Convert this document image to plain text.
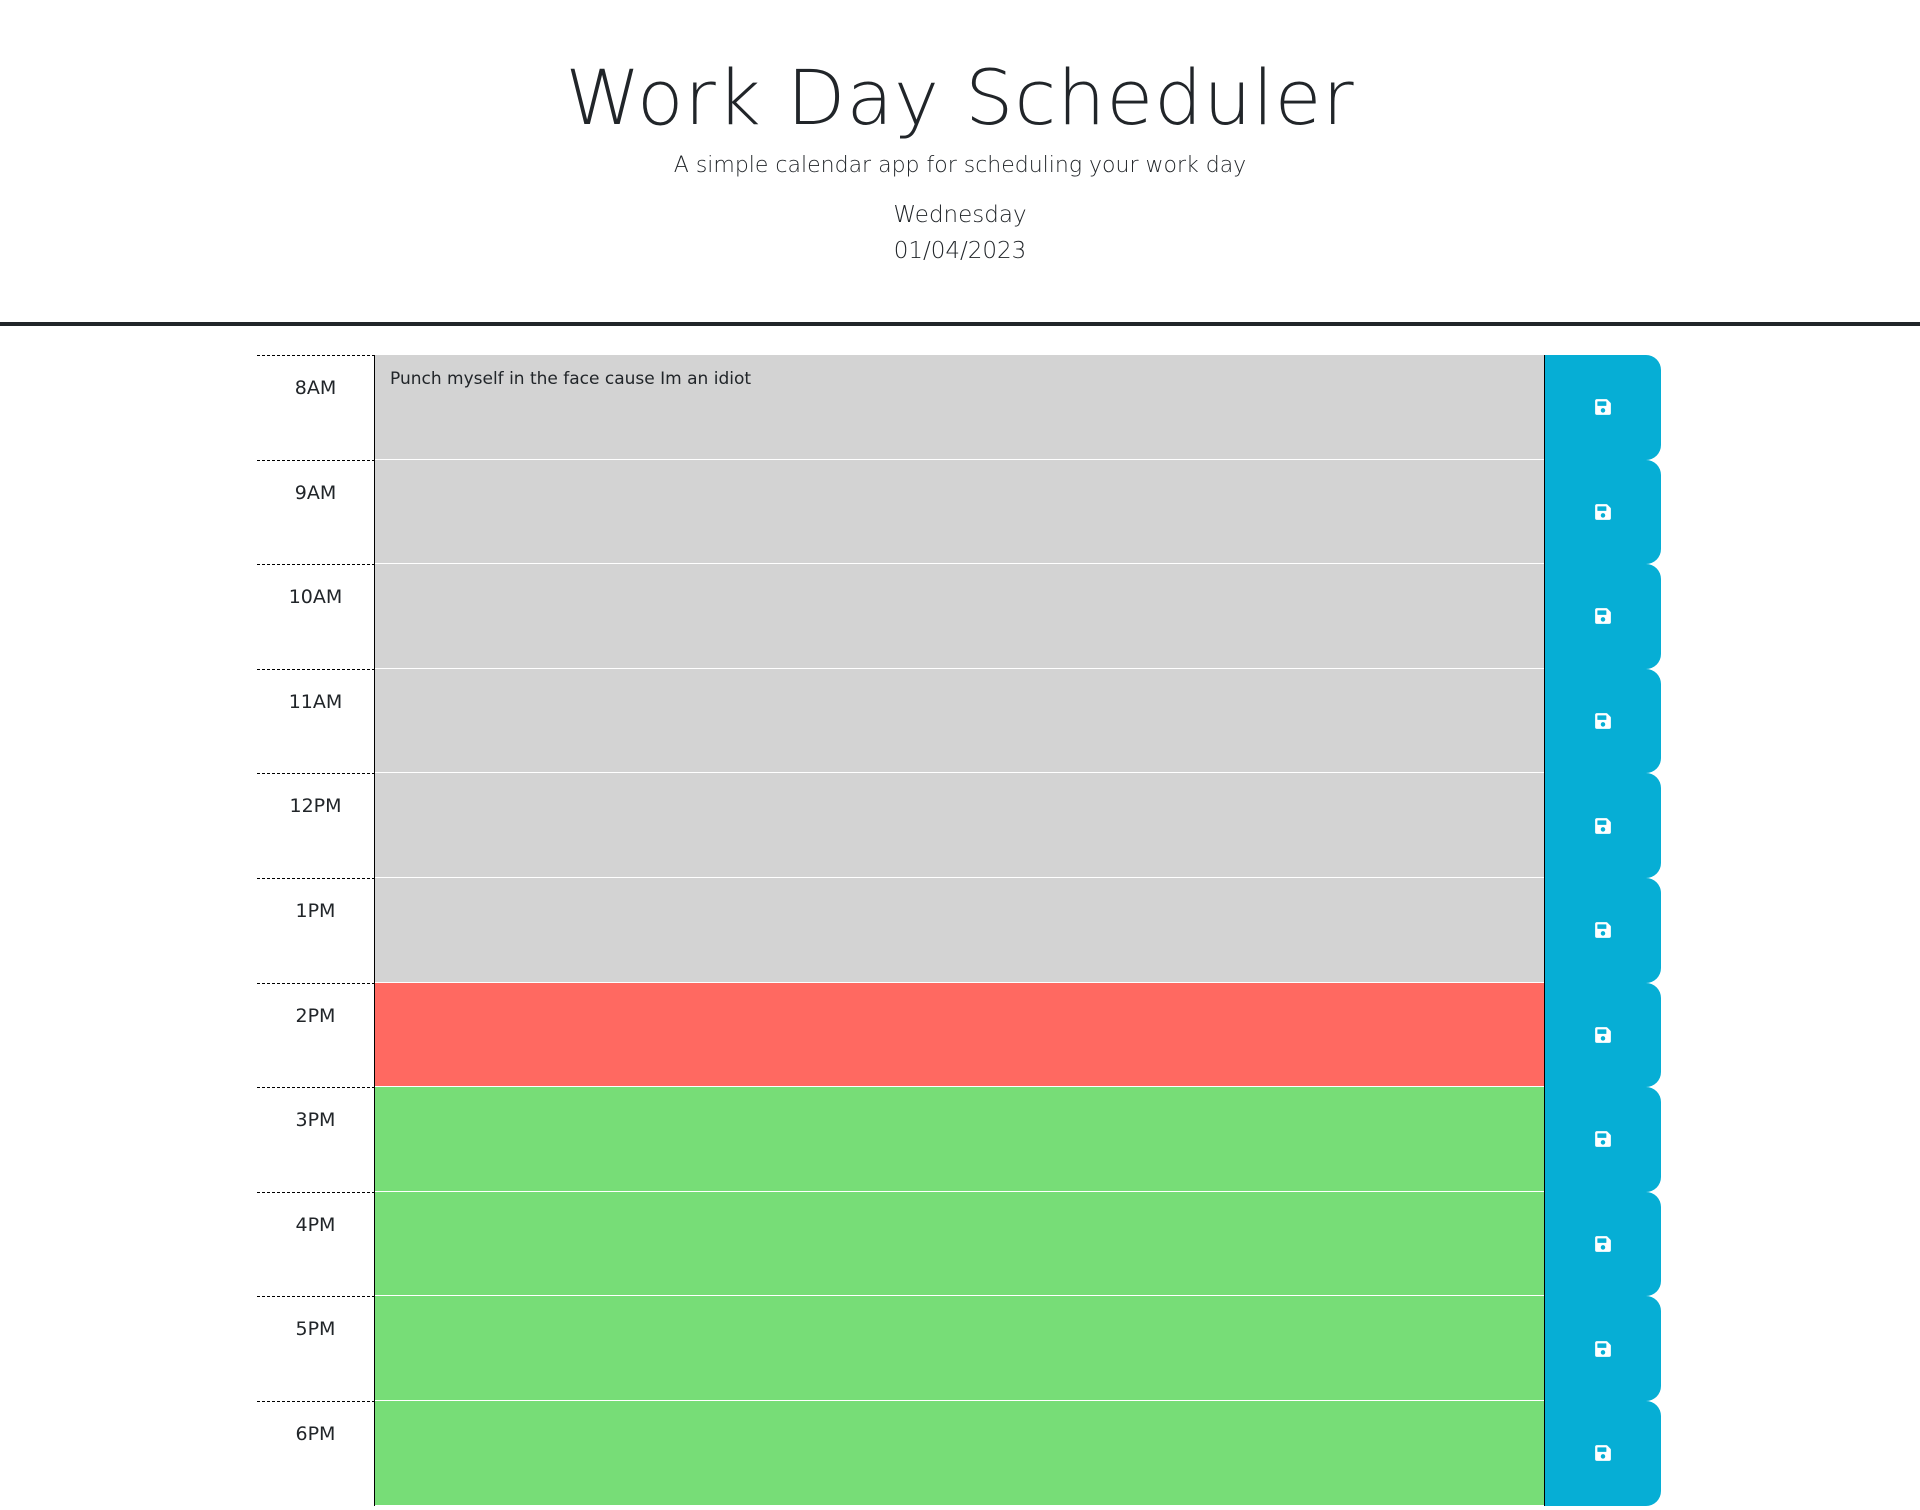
Work Day Scheduler

A simple calendar app for scheduling your work day

Wednesday

01/04/2023

8AM
Punch myself in the face cause Im an idiot
9AM
10AM
11AM
12PM
1PM
2PM
3PM
4PM
5PM
6PM
